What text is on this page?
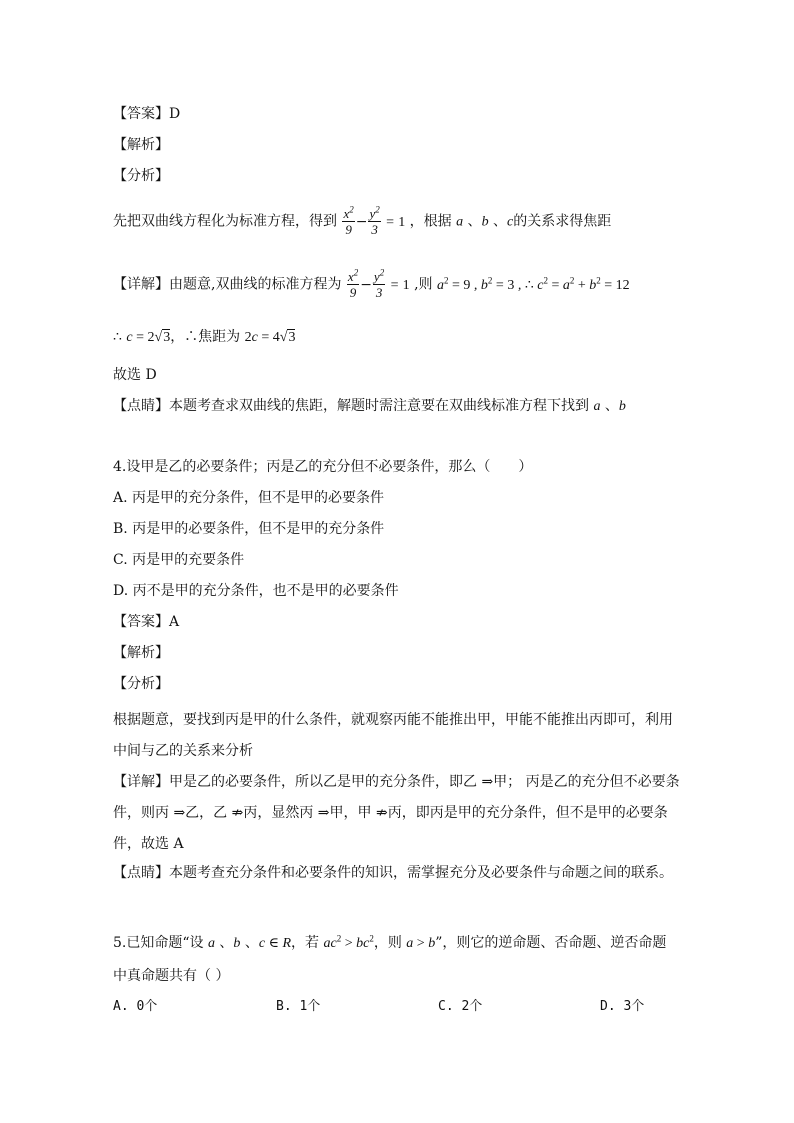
【答案】D
【解析】
【分析】
先把双曲线方程化为标准方程，得到 $\frac{x^2}{9} - \frac{y^2}{3} = 1$ ，根据 a 、b 、c的关系求得焦距
【详解】由题意,双曲线的标准方程为 $\frac{x^2}{9} - \frac{y^2}{3} = 1$ ,则 $a^2 = 9$ , $b^2 = 3$ , ∴ $c^2 = a^2 + b^2 = 12$
∴ c = 2√3，∴焦距为 2c = 4√3
故选 D
【点睛】本题考查求双曲线的焦距，解题时需注意要在双曲线标准方程下找到 a 、b
4.设甲是乙的必要条件；丙是乙的充分但不必要条件，那么（　　）
A. 丙是甲的充分条件，但不是甲的必要条件
B. 丙是甲的必要条件，但不是甲的充分条件
C. 丙是甲的充要条件
D. 丙不是甲的充分条件，也不是甲的必要条件
【答案】A
【解析】
【分析】
根据题意，要找到丙是甲的什么条件，就观察丙能不能推出甲，甲能不能推出丙即可，利用中间与乙的关系来分析
【详解】甲是乙的必要条件，所以乙是甲的充分条件，即乙 ⇒甲； 丙是乙的充分但不必要条件，则丙 ⇒乙，乙 ⇏丙，显然丙 ⇒甲，甲 ⇏丙，即丙是甲的充分条件，但不是甲的必要条件，故选 A
【点睛】本题考查充分条件和必要条件的知识，需掌握充分及必要条件与命题之间的联系。
5.已知命题“设 a 、b 、c ∈ R，若 $ac^2 > bc^2$，则 a > b”，则它的逆命题、否命题、逆否命题
中真命题共有（ ）
A. 0个	B. 1个	C. 2个	D. 3个
